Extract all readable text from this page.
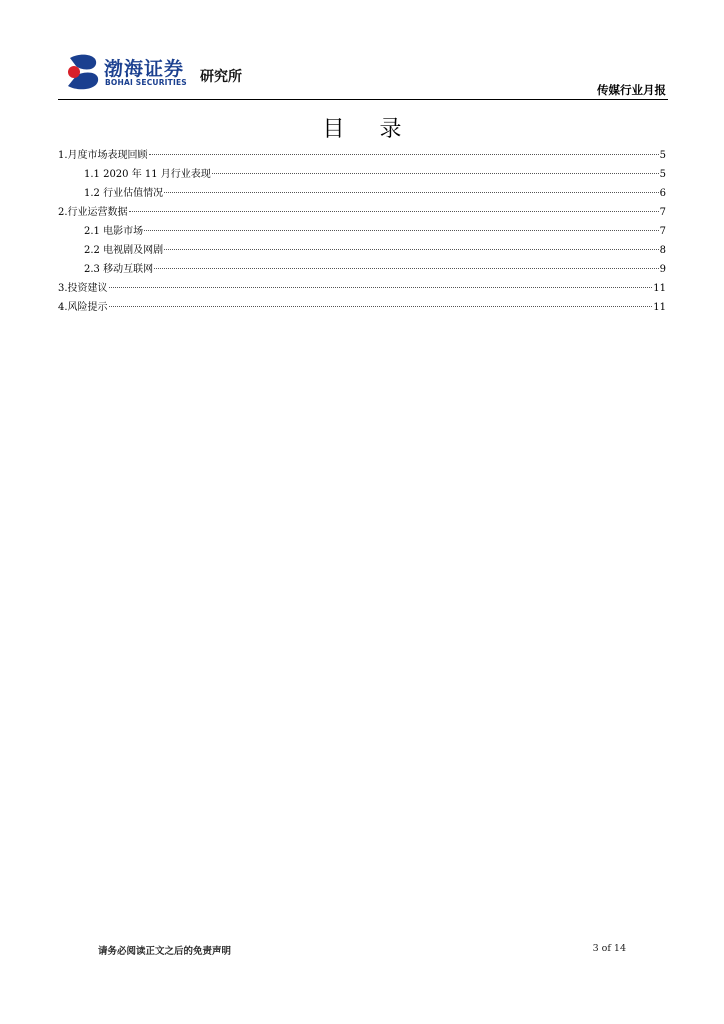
渤海证券
BOHAI SECURITIES 研究所
传媒行业月报
目 录
1.月度市场表现回顾	5
1.1 2020 年 11 月行业表现	5
1.2 行业估值情况	6
2.行业运营数据	7
2.1 电影市场	7
2.2 电视剧及网剧	8
2.3 移动互联网	9
3.投资建议	11
4.风险提示	11
请务必阅读正文之后的免责声明	3 of 14
